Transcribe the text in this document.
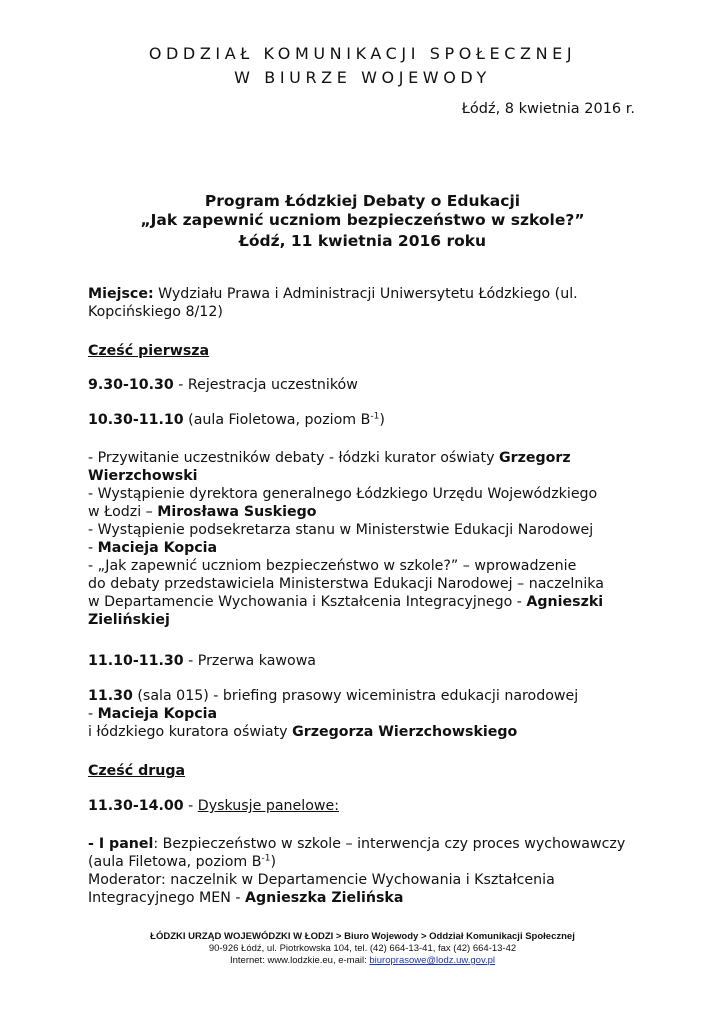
ODDZIAŁ KOMUNIKACJI SPOŁECZNEJ
W BIURZE WOJEWODY
Łódź, 8 kwietnia 2016 r.
Program Łódzkiej Debaty o Edukacji
„Jak zapewnić uczniom bezpieczeństwo w szkole?”
Łódź, 11 kwietnia 2016 roku
Miejsce: Wydziału Prawa i Administracji Uniwersytetu Łódzkiego (ul.
Kopcińskiego 8/12)
Cześć pierwsza
9.30-10.30 - Rejestracja uczestników
10.30-11.10 (aula Fioletowa, poziom $B^{-1}$)
- Przywitanie uczestników debaty - łódzki kurator oświaty Grzegorz
Wierzchowski
- Wystąpienie dyrektora generalnego Łódzkiego Urzędu Wojewódzkiego
w Łodzi – Mirosława Suskiego
- Wystąpienie podsekretarza stanu w Ministerstwie Edukacji Narodowej
- Macieja Kopcia
- „Jak zapewnić uczniom bezpieczeństwo w szkole?” – wprowadzenie
do debaty przedstawiciela Ministerstwa Edukacji Narodowej – naczelnika
w Departamencie Wychowania i Kształcenia Integracyjnego - Agnieszki
Zielińskiej
11.10-11.30 - Przerwa kawowa
11.30 (sala 015) - briefing prasowy wiceministra edukacji narodowej
- Macieja Kopcia
i łódzkiego kuratora oświaty Grzegorza Wierzchowskiego
Cześć druga
11.30-14.00 - Dyskusje panelowe:
- I panel: Bezpieczeństwo w szkole – interwencja czy proces wychowawczy
(aula Filetowa, poziom $B^{-1}$)
Moderator: naczelnik w Departamencie Wychowania i Kształcenia
Integracyjnego MEN - Agnieszka Zielińska
ŁÓDZKI URZĄD WOJEWÓDZKI W ŁODZI > Biuro Wojewody > Oddział Komunikacji Społecznej
90-926 Łódź, ul. Piotrkowska 104, tel. (42) 664-13-41, fax (42) 664-13-42
Internet: www.lodzkie.eu, e-mail: biuroprasowe@lodz.uw.gov.pl
